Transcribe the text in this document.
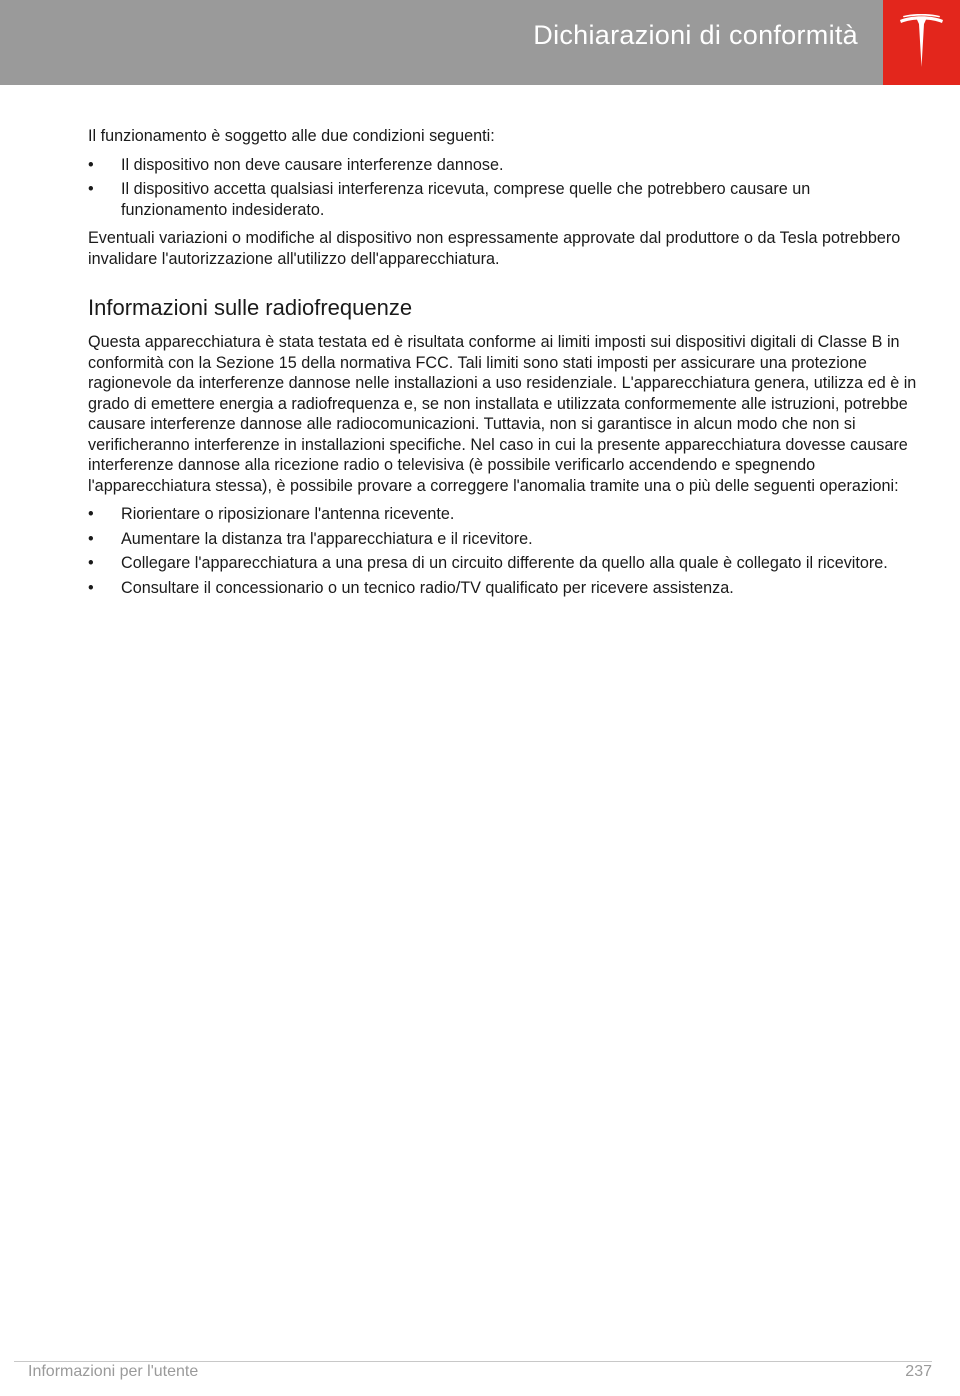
Dichiarazioni di conformità

Il funzionamento è soggetto alle due condizioni seguenti:

• Il dispositivo non deve causare interferenze dannose.
• Il dispositivo accetta qualsiasi interferenza ricevuta, comprese quelle che potrebbero causare un funzionamento indesiderato.

Eventuali variazioni o modifiche al dispositivo non espressamente approvate dal produttore o da Tesla potrebbero invalidare l'autorizzazione all'utilizzo dell'apparecchiatura.

Informazioni sulle radiofrequenze

Questa apparecchiatura è stata testata ed è risultata conforme ai limiti imposti sui dispositivi digitali di Classe B in conformità con la Sezione 15 della normativa FCC. Tali limiti sono stati imposti per assicurare una protezione ragionevole da interferenze dannose nelle installazioni a uso residenziale. L'apparecchiatura genera, utilizza ed è in grado di emettere energia a radiofrequenza e, se non installata e utilizzata conformemente alle istruzioni, potrebbe causare interferenze dannose alle radiocomunicazioni. Tuttavia, non si garantisce in alcun modo che non si verificheranno interferenze in installazioni specifiche. Nel caso in cui la presente apparecchiatura dovesse causare interferenze dannose alla ricezione radio o televisiva (è possibile verificarlo accendendo e spegnendo l'apparecchiatura stessa), è possibile provare a correggere l'anomalia tramite una o più delle seguenti operazioni:

• Riorientare o riposizionare l'antenna ricevente.
• Aumentare la distanza tra l'apparecchiatura e il ricevitore.
• Collegare l'apparecchiatura a una presa di un circuito differente da quello alla quale è collegato il ricevitore.
• Consultare il concessionario o un tecnico radio/TV qualificato per ricevere assistenza.
Informazioni per l'utente	237
